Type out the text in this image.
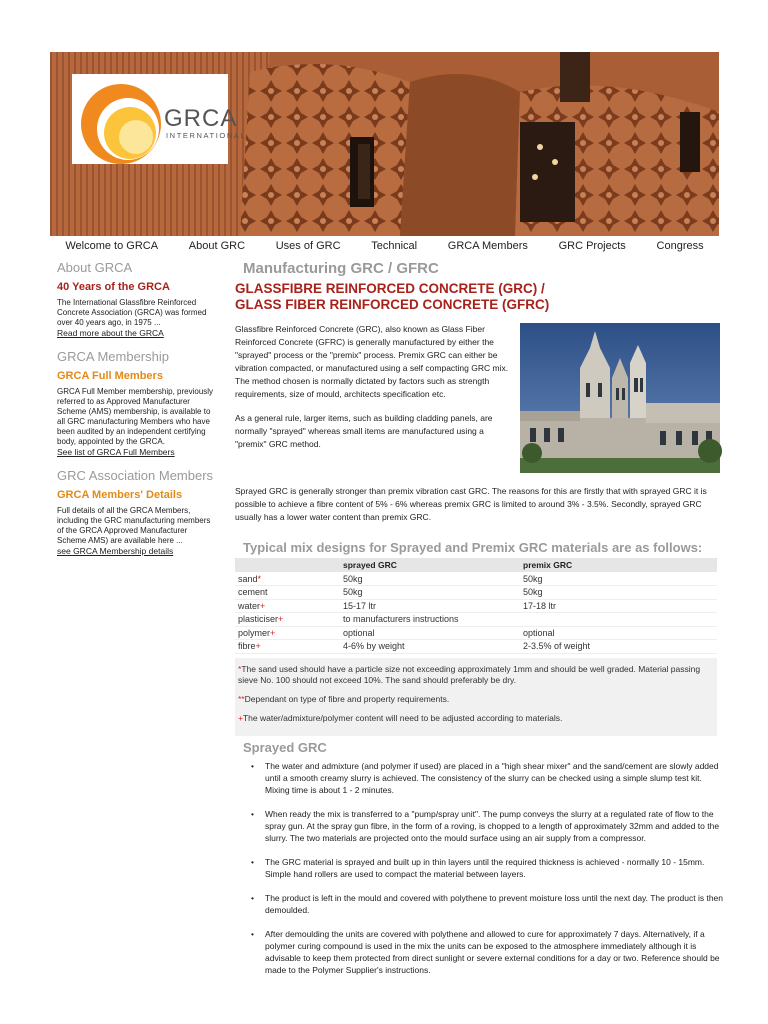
GRCA
INTERNATIONAL
Welcome to GRCA	About GRC	Uses of GRC	Technical	GRCA Members	GRC Projects	Congress
About GRCA
40 Years of the GRCA

The International Glassfibre Reinforced Concrete Association (GRCA) was formed over 40 years ago, in 1975 ...

Read more about the GRCA
GRCA Membership
GRCA Full Members

GRCA Full Member membership, previously referred to as Approved Manufacturer Scheme (AMS) membership, is available to all GRC manufacturing Members who have been audited by an independent certifying body, appointed by the GRCA.

See list of GRCA Full Members
GRC Association Members
GRCA Members' Details

Full details of all the GRCA Members, including the GRC manufacturing members of the GRCA Approved Manufacturer Scheme AMS) are available here ...

see GRCA Membership details
Manufacturing GRC / GFRC
GLASSFIBRE REINFORCED CONCRETE (GRC) /
GLASS FIBER REINFORCED CONCRETE (GFRC)

Glassfibre Reinforced Concrete (GRC), also known as Glass Fiber Reinforced Concrete (GFRC) is generally manufactured by either the "sprayed" process or the "premix" process. Premix GRC can either be vibration compacted, or manufactured using a self compacting GRC mix. The method chosen is normally dictated by factors such as strength requirements, size of mould, architects specification etc.

As a general rule, larger items, such as building cladding panels, are normally "sprayed" whereas small items are manufactured using a "premix" GRC method.

Sprayed GRC is generally stronger than premix vibration cast GRC. The reasons for this are firstly that with sprayed GRC it is possible to achieve a fibre content of 5% - 6% whereas premix GRC is limited to around 3% - 3.5%. Secondly, sprayed GRC usually has a lower water content than premix GRC.

Typical mix designs for Sprayed and Premix GRC materials are as follows:
	sprayed GRC	premix GRC
sand*	50kg	50kg
cement	50kg	50kg
water+	15-17 ltr	17-18 ltr
plasticiser+	to manufacturers instructions	
polymer+	optional	optional
fibre+	4-6% by weight	2-3.5% of weight

*The sand used should have a particle size not exceeding approximately 1mm and should be well graded. Material passing sieve No. 100 should not exceed 10%. The sand should preferably be dry.

**Dependant on type of fibre and property requirements.

+The water/admixture/polymer content will need to be adjusted according to materials.

Sprayed GRC
• The water and admixture (and polymer if used) are placed in a "high shear mixer" and the sand/cement are slowly added until a smooth creamy slurry is achieved. The consistency of the slurry can be checked using a simple slump test kit. Mixing time is about 1 - 2 minutes.
• When ready the mix is transferred to a "pump/spray unit". The pump conveys the slurry at a regulated rate of flow to the spray gun. At the spray gun fibre, in the form of a roving, is chopped to a length of approximately 32mm and added to the slurry. The two materials are projected onto the mould surface using an air supply from a compressor.
• The GRC material is sprayed and built up in thin layers until the required thickness is achieved - normally 10 - 15mm. Simple hand rollers are used to compact the material between layers.
• The product is left in the mould and covered with polythene to prevent moisture loss until the next day. The product is then demoulded.
• After demoulding the units are covered with polythene and allowed to cure for approximately 7 days. Alternatively, if a polymer curing compound is used in the mix the units can be exposed to the atmosphere immediately although it is advisable to keep them protected from direct sunlight or severe external conditions for a day or two. Reference should be made to the Polymer Supplier's instructions.
